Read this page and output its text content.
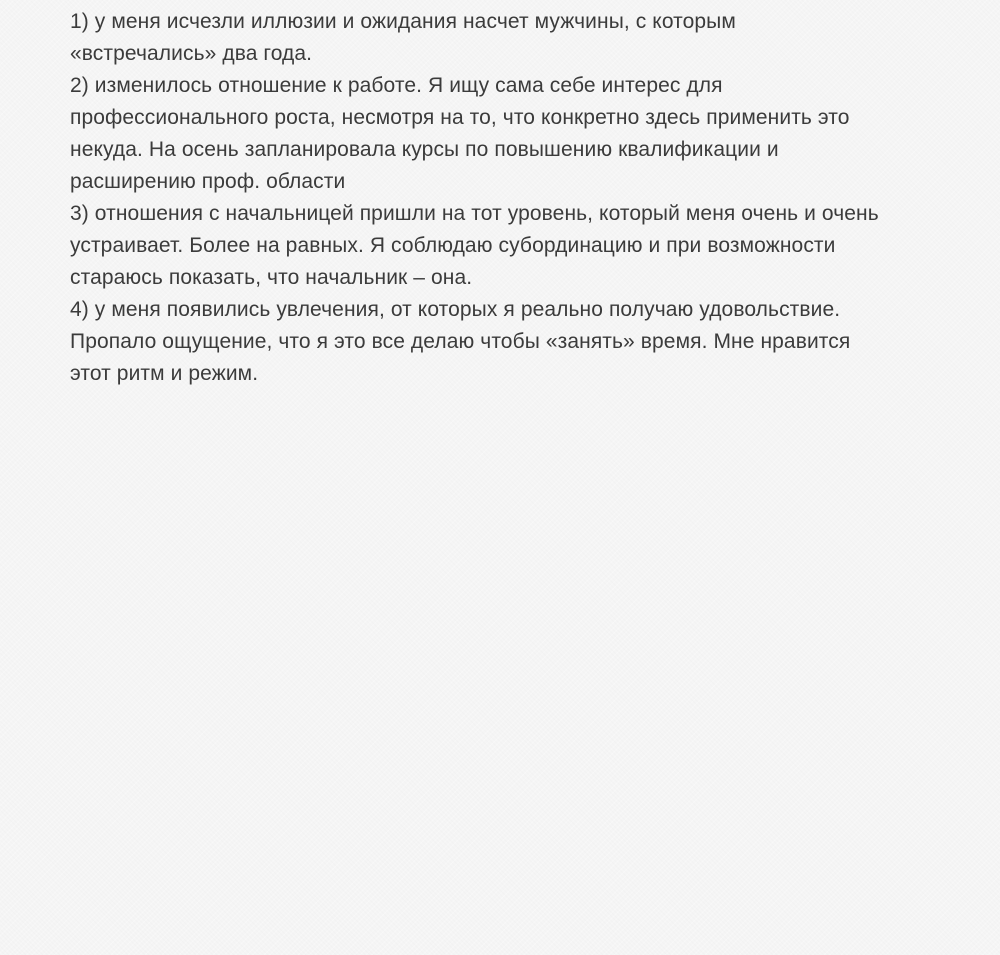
1) у меня исчезли иллюзии и ожидания насчет мужчины, с которым
«встречались» два года.
2) изменилось отношение к работе. Я ищу сама себе интерес для
профессионального роста, несмотря на то, что конкретно здесь применить это
некуда. На осень запланировала курсы по повышению квалификации и
расширению проф. области
3) отношения с начальницей пришли на тот уровень, который меня очень и очень
устраивает. Более на равных. Я соблюдаю субординацию и при возможности
стараюсь показать, что начальник – она.
4) у меня появились увлечения, от которых я реально получаю удовольствие.
Пропало ощущение, что я это все делаю чтобы «занять» время. Мне нравится
этот ритм и режим.
